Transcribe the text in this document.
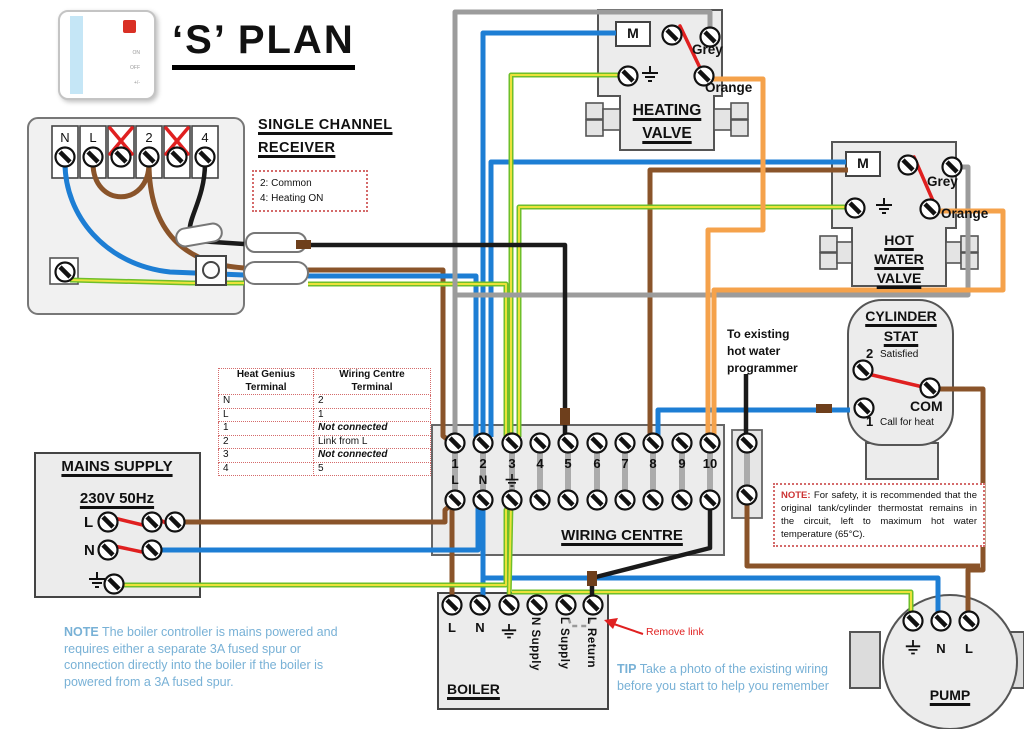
ON
OFF
+/-
‘S’ PLAN
SINGLE CHANNEL
RECEIVER
2: Common
4: Heating ON
N	L	2	4
M
Grey
Orange
HEATING
VALVE
M
Grey
Orange
HOT
WATER
VALVE
CYLINDER
STAT
2 Satisfied
COM
1 Call for heat
To existing
hot water
programmer
Heat Genius
Terminal

Wiring Centre
Terminal

N	2
L	1
1	Not connected
2	Link from L
3	Not connected
4	5
MAINS SUPPLY
230V 50Hz
L
N
1	2	3	4	5	6	7	8	9	10
L	N
WIRING CENTRE
NOTE: For safety, it is recommended that the original tank/cylinder thermostat remains in the circuit, left to maximum hot water temperature (65°C).
L	N	N Supply L Supply L Return
BOILER
Remove link
N	L
PUMP
NOTE The boiler controller is mains powered and requires either a separate 3A fused spur or connection directly into the boiler if the boiler is powered from a 3A fused spur.
TIP Take a photo of the existing wiring before you start to help you remember
